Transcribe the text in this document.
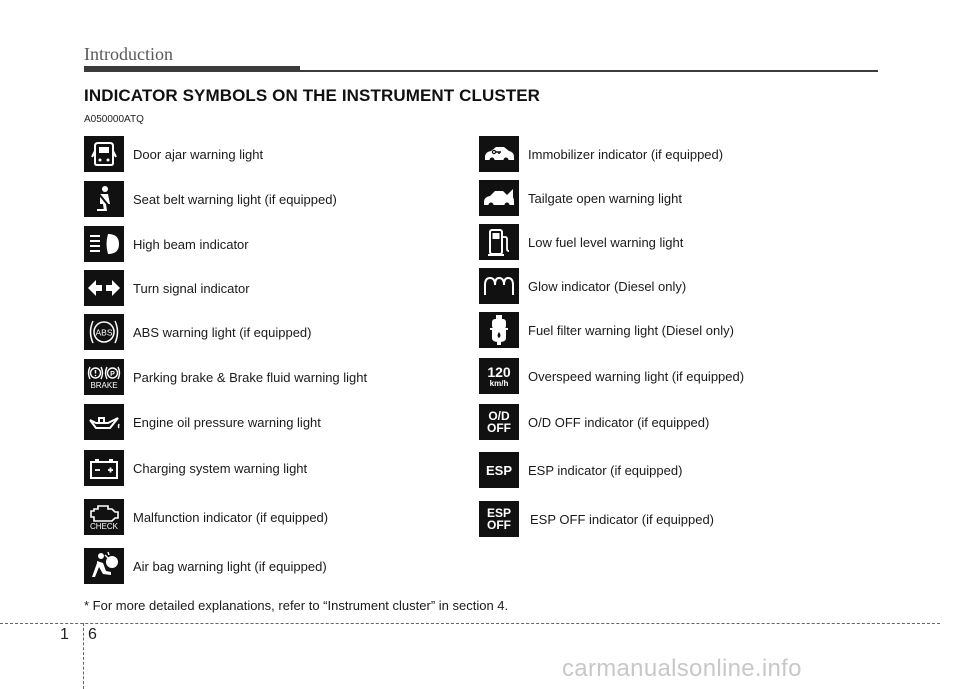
Introduction
INDICATOR SYMBOLS ON THE INSTRUMENT CLUSTER
A050000ATQ
Door ajar warning light
Seat belt warning light (if equipped)
High beam indicator
Turn signal indicator
ABS ABS warning light (if equipped)
P
BRAKE
Parking brake & Brake fluid warning light
Engine oil pressure warning light
Charging system warning light
CHECK
Malfunction indicator (if equipped)
Air bag warning light (if equipped)
Immobilizer indicator (if equipped)
Tailgate open warning light
Low fuel level warning light
Glow indicator (Diesel only)
Fuel filter warning light (Diesel only)
120
km/h Overspeed warning light (if equipped)
O/D
OFF O/D OFF indicator (if equipped)
ESP ESP indicator (if equipped)
ESP
OFF ESP OFF indicator (if equipped)
* For more detailed explanations, refer to “Instrument cluster” in section 4.
1 6
carmanualsonline.info
